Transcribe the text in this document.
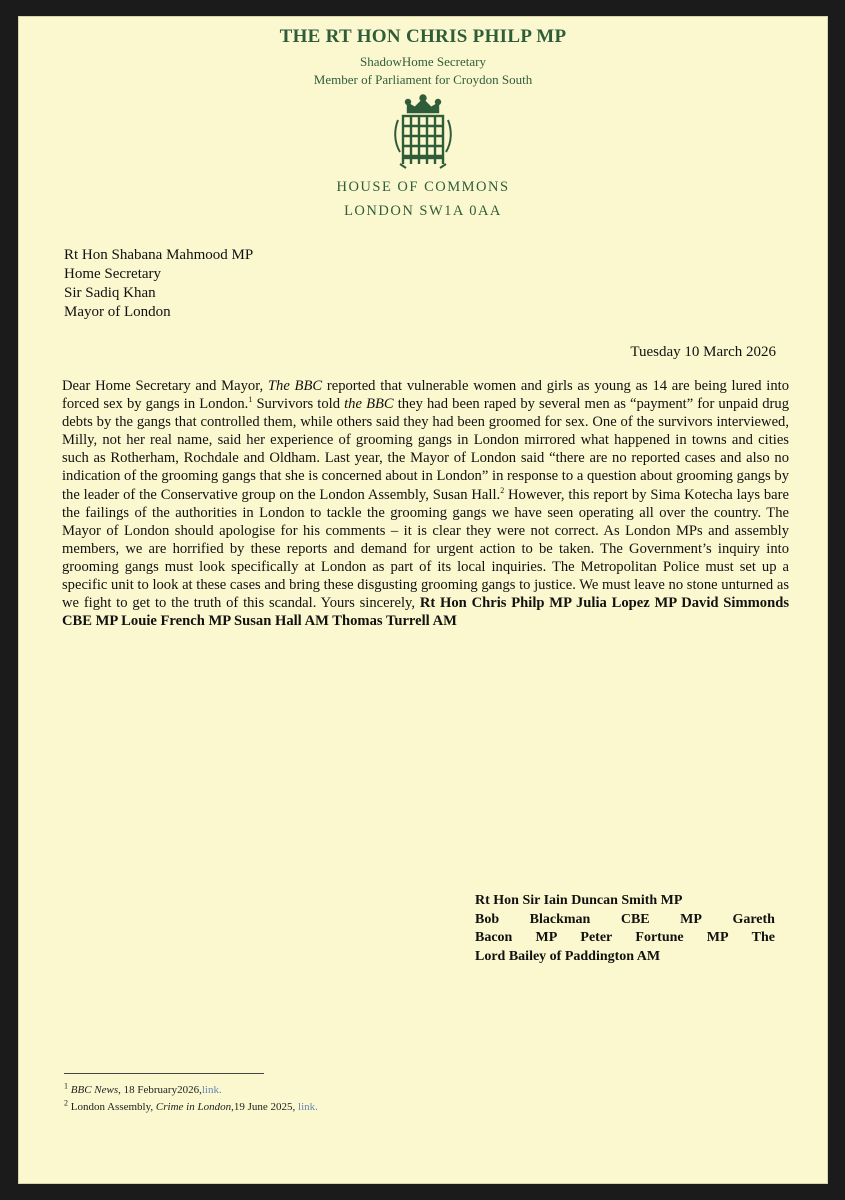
THE RT HON CHRIS PHILP MP
ShadowHome Secretary
Member of Parliament for Croydon South
HOUSE OF COMMONS
LONDON SW1A 0AA
Rt Hon Shabana Mahmood MP
Home Secretary
Sir Sadiq Khan
Mayor of London
Tuesday 10 March 2026
Dear Home Secretary and Mayor, The BBC reported that vulnerable women and girls as young as 14 are being lured into forced sex by gangs in London.$^1$ Survivors told the BBC they had been raped by several men as “payment” for unpaid drug debts by the gangs that controlled them, while others said they had been groomed for sex. One of the survivors interviewed, Milly, not her real name, said her experience of grooming gangs in London mirrored what happened in towns and cities such as Rotherham, Rochdale and Oldham. Last year, the Mayor of London said “there are no reported cases and also no indication of the grooming gangs that she is concerned about in London” in response to a question about grooming gangs by the leader of the Conservative group on the London Assembly, Susan Hall.$^2$ However, this report by Sima Kotecha lays bare the failings of the authorities in London to tackle the grooming gangs we have seen operating all over the country. The Mayor of London should apologise for his comments – it is clear they were not correct. As London MPs and assembly members, we are horrified by these reports and demand for urgent action to be taken. The Government’s inquiry into grooming gangs must look specifically at London as part of its local inquiries. The Metropolitan Police must set up a specific unit to look at these cases and bring these disgusting grooming gangs to justice. We must leave no stone unturned as we fight to get to the truth of this scandal. Yours sincerely, Rt Hon Chris Philp MP Julia Lopez MP David Simmonds CBE MP Louie French MP Susan Hall AM Thomas Turrell AM
Rt Hon Sir Iain Duncan Smith MP
Bob Blackman CBE MP Gareth
Bacon MP Peter Fortune MP The
Lord Bailey of Paddington AM
$^1$ BBC News, 18 February2026,link.
$^2$ London Assembly, Crime in London,19 June 2025, link.
